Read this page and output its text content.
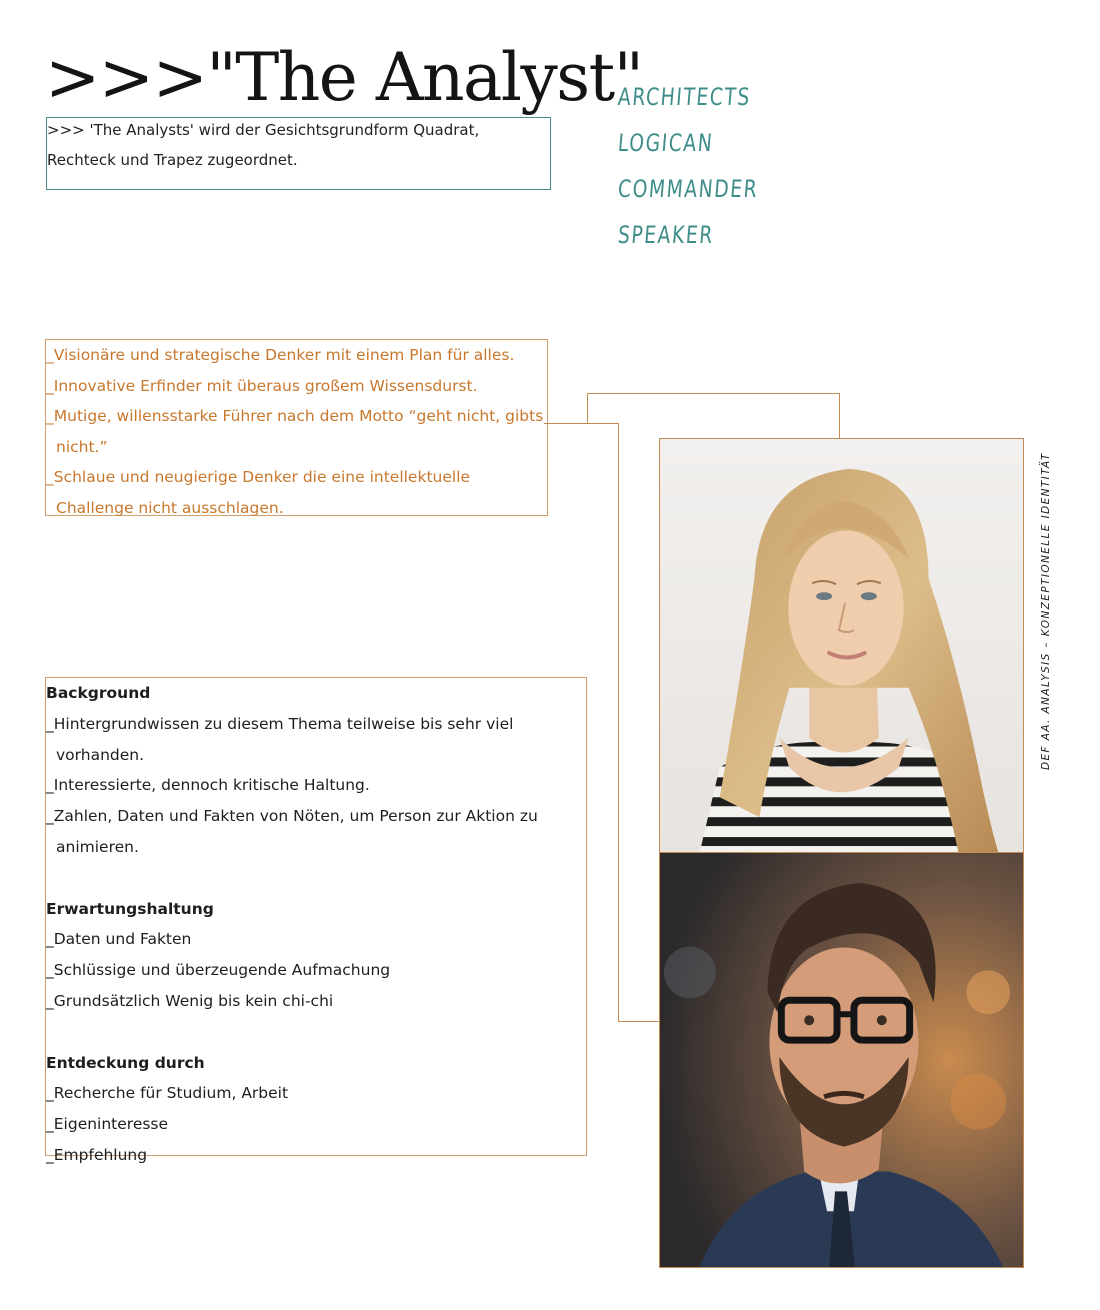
>>>"The Analyst"

>>> 'The Analysts' wird der Gesichtsgrundform Quadrat, Rechteck und Trapez zugeordnet.

ARCHITECTS
LOGICAN
COMMANDER
SPEAKER
_ Visionäre und strategische Denker mit einem Plan für alles.
_ Innovative Erfinder mit überaus großem Wissensdurst.
_ Mutige, willensstarke Führer nach dem Motto “geht nicht, gibts nicht.”
_ Schlaue und neugierige Denker die eine intellektuelle Challenge nicht ausschlagen.
Background
_ Hintergrundwissen zu diesem Thema teilweise bis sehr viel vorhanden.
_ Interessierte, dennoch kritische Haltung.
_ Zahlen, Daten und Fakten von Nöten, um Person zur Aktion zu animieren.
Erwartungshaltung
_ Daten und Fakten
_ Schlüssige und überzeugende Aufmachung
_ Grundsätzlich Wenig bis kein chi-chi
Entdeckung durch
_ Recherche für Studium, Arbeit
_ Eigeninteresse
_ Empfehlung
DEF AA. ANALYSIS – KONZEPTIONELLE IDENTITÄT
